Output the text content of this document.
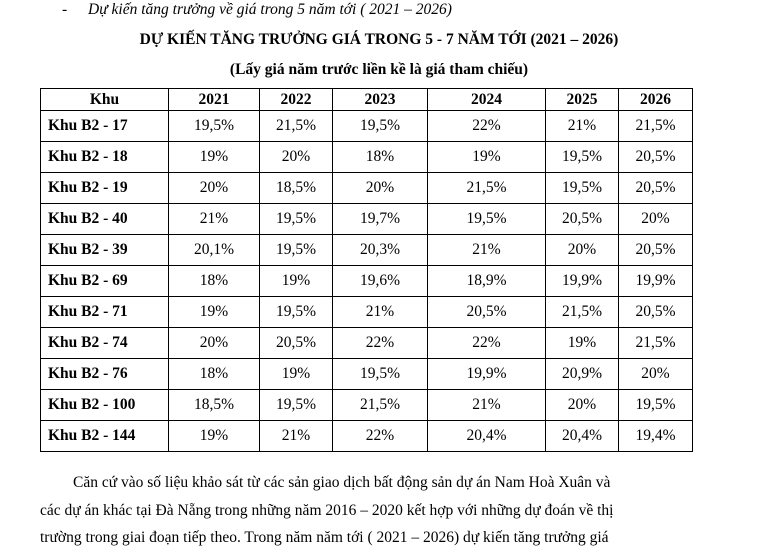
- Dự kiến tăng trưởng về giá trong 5 năm tới ( 2021 – 2026)
DỰ KIẾN TĂNG TRƯỞNG GIÁ TRONG 5 - 7 NĂM TỚI (2021 – 2026)
(Lấy giá năm trước liền kề là giá tham chiếu)
Khu	2021	2022	2023	2024	2025	2026
Khu B2 - 17	19,5%	21,5%	19,5%	22%	21%	21,5%
Khu B2 - 18	19%	20%	18%	19%	19,5%	20,5%
Khu B2 - 19	20%	18,5%	20%	21,5%	19,5%	20,5%
Khu B2 - 40	21%	19,5%	19,7%	19,5%	20,5%	20%
Khu B2 - 39	20,1%	19,5%	20,3%	21%	20%	20,5%
Khu B2 - 69	18%	19%	19,6%	18,9%	19,9%	19,9%
Khu B2 - 71	19%	19,5%	21%	20,5%	21,5%	20,5%
Khu B2 - 74	20%	20,5%	22%	22%	19%	21,5%
Khu B2 - 76	18%	19%	19,5%	19,9%	20,9%	20%
Khu B2 - 100	18,5%	19,5%	21,5%	21%	20%	19,5%
Khu B2 - 144	19%	21%	22%	20,4%	20,4%	19,4%
Căn cứ vào số liệu khảo sát từ các sản giao dịch bất động sản dự án Nam Hoà Xuân và
các dự án khác tại Đà Nẵng trong những năm 2016 – 2020 kết hợp với những dự đoán về thị
trường trong giai đoạn tiếp theo. Trong năm năm tới ( 2021 – 2026) dự kiến tăng trưởng giá
